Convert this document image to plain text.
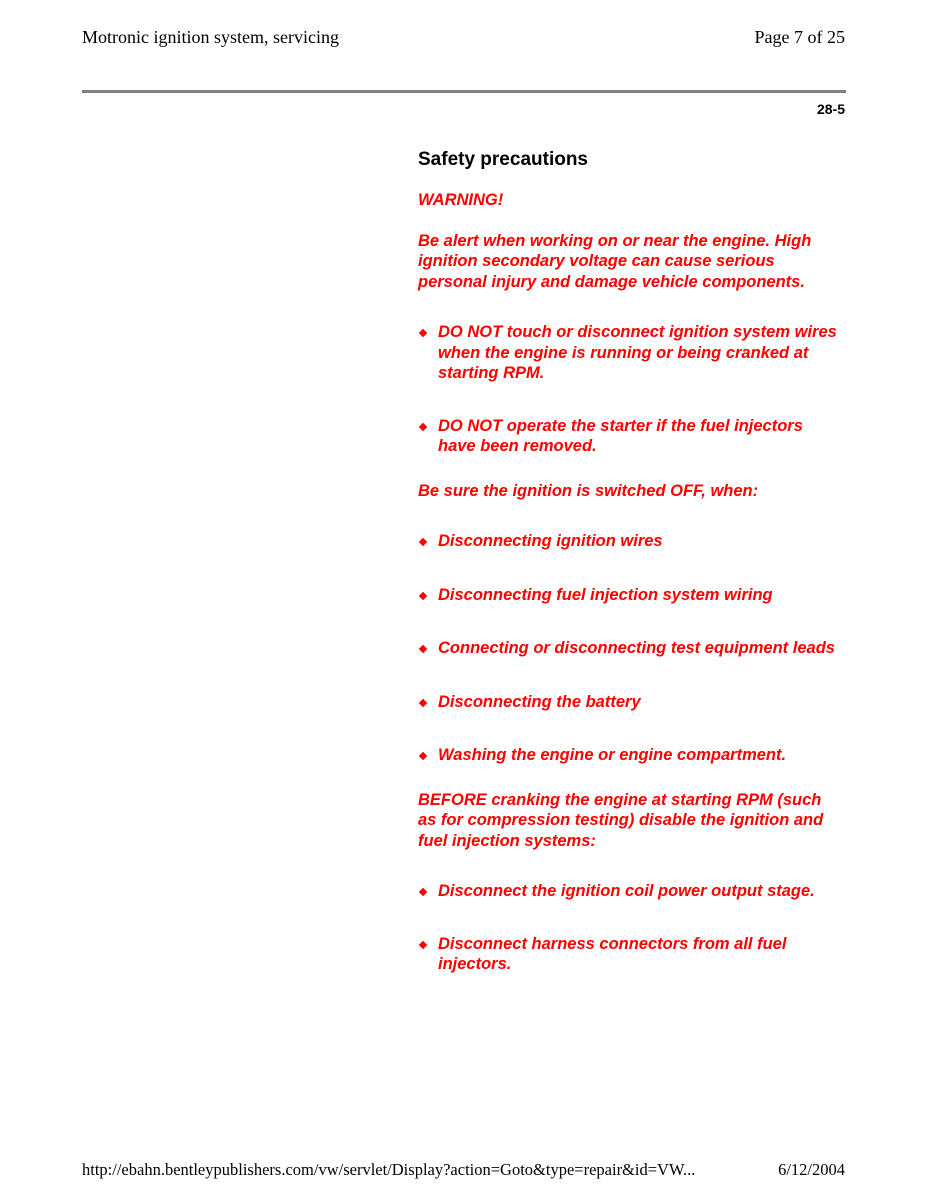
Motronic ignition system, servicing	Page 7 of 25
28-5
Safety precautions
WARNING!
Be alert when working on or near the engine. High ignition secondary voltage can cause serious personal injury and damage vehicle components.
DO NOT touch or disconnect ignition system wires when the engine is running or being cranked at starting RPM.
DO NOT operate the starter if the fuel injectors have been removed.
Be sure the ignition is switched OFF, when:
Disconnecting ignition wires
Disconnecting fuel injection system wiring
Connecting or disconnecting test equipment leads
Disconnecting the battery
Washing the engine or engine compartment.
BEFORE cranking the engine at starting RPM (such as for compression testing) disable the ignition and fuel injection systems:
Disconnect the ignition coil power output stage.
Disconnect harness connectors from all fuel injectors.
http://ebahn.bentleypublishers.com/vw/servlet/Display?action=Goto&type=repair&id=VW...	6/12/2004
